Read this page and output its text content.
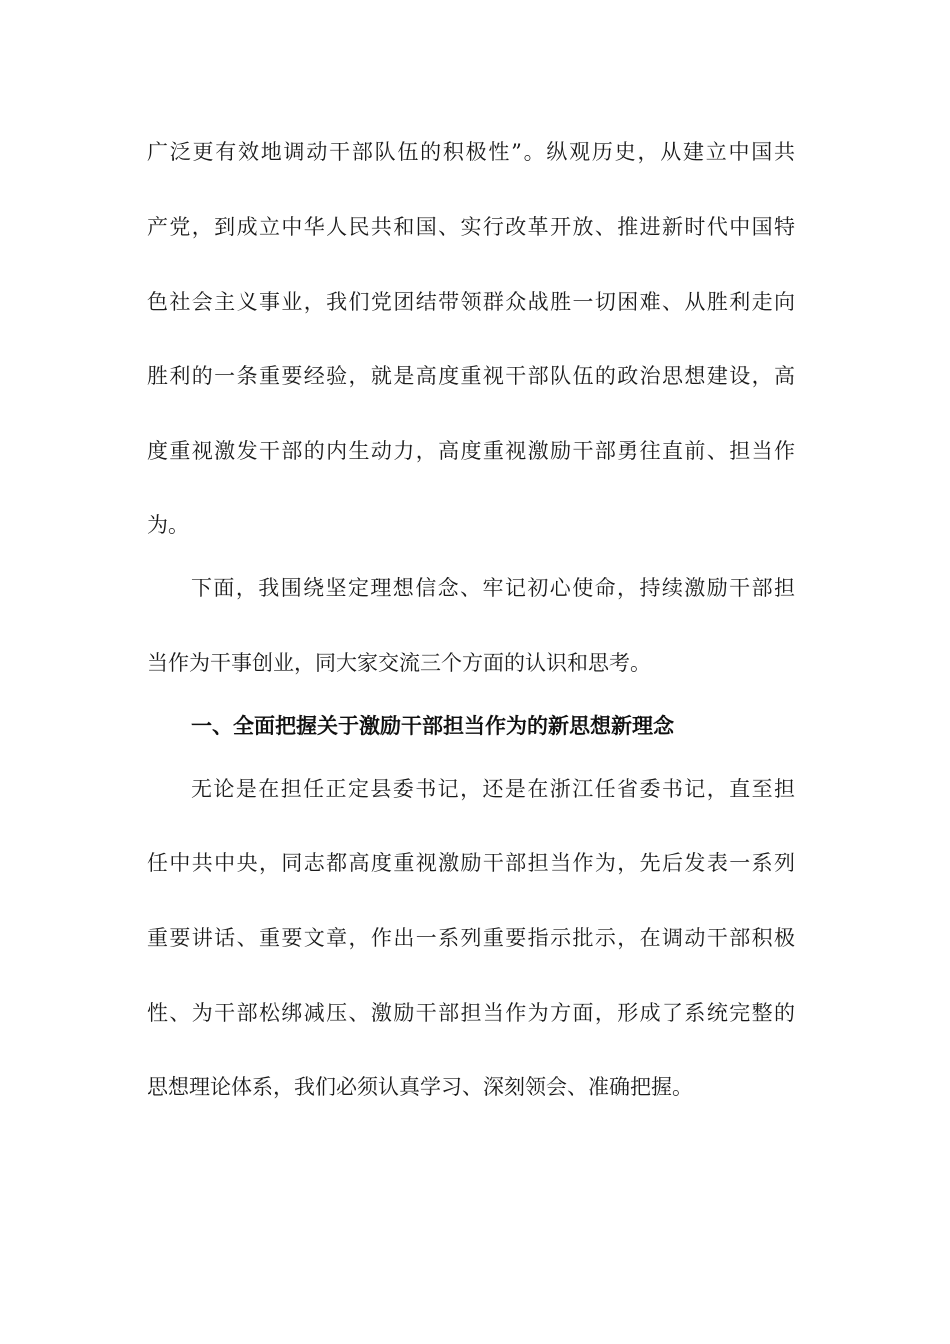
广泛更有效地调动干部队伍的积极性”。纵观历史，从建立中国共
产党，到成立中华人民共和国、实行改革开放、推进新时代中国特
色社会主义事业，我们党团结带领群众战胜一切困难、从胜利走向
胜利的一条重要经验，就是高度重视干部队伍的政治思想建设，高
度重视激发干部的内生动力，高度重视激励干部勇往直前、担当作
为。
下面，我围绕坚定理想信念、牢记初心使命，持续激励干部担
当作为干事创业，同大家交流三个方面的认识和思考。
一、全面把握关于激励干部担当作为的新思想新理念
无论是在担任正定县委书记，还是在浙江任省委书记，直至担
任中共中央，同志都高度重视激励干部担当作为，先后发表一系列
重要讲话、重要文章，作出一系列重要指示批示，在调动干部积极
性、为干部松绑减压、激励干部担当作为方面，形成了系统完整的
思想理论体系，我们必须认真学习、深刻领会、准确把握。
